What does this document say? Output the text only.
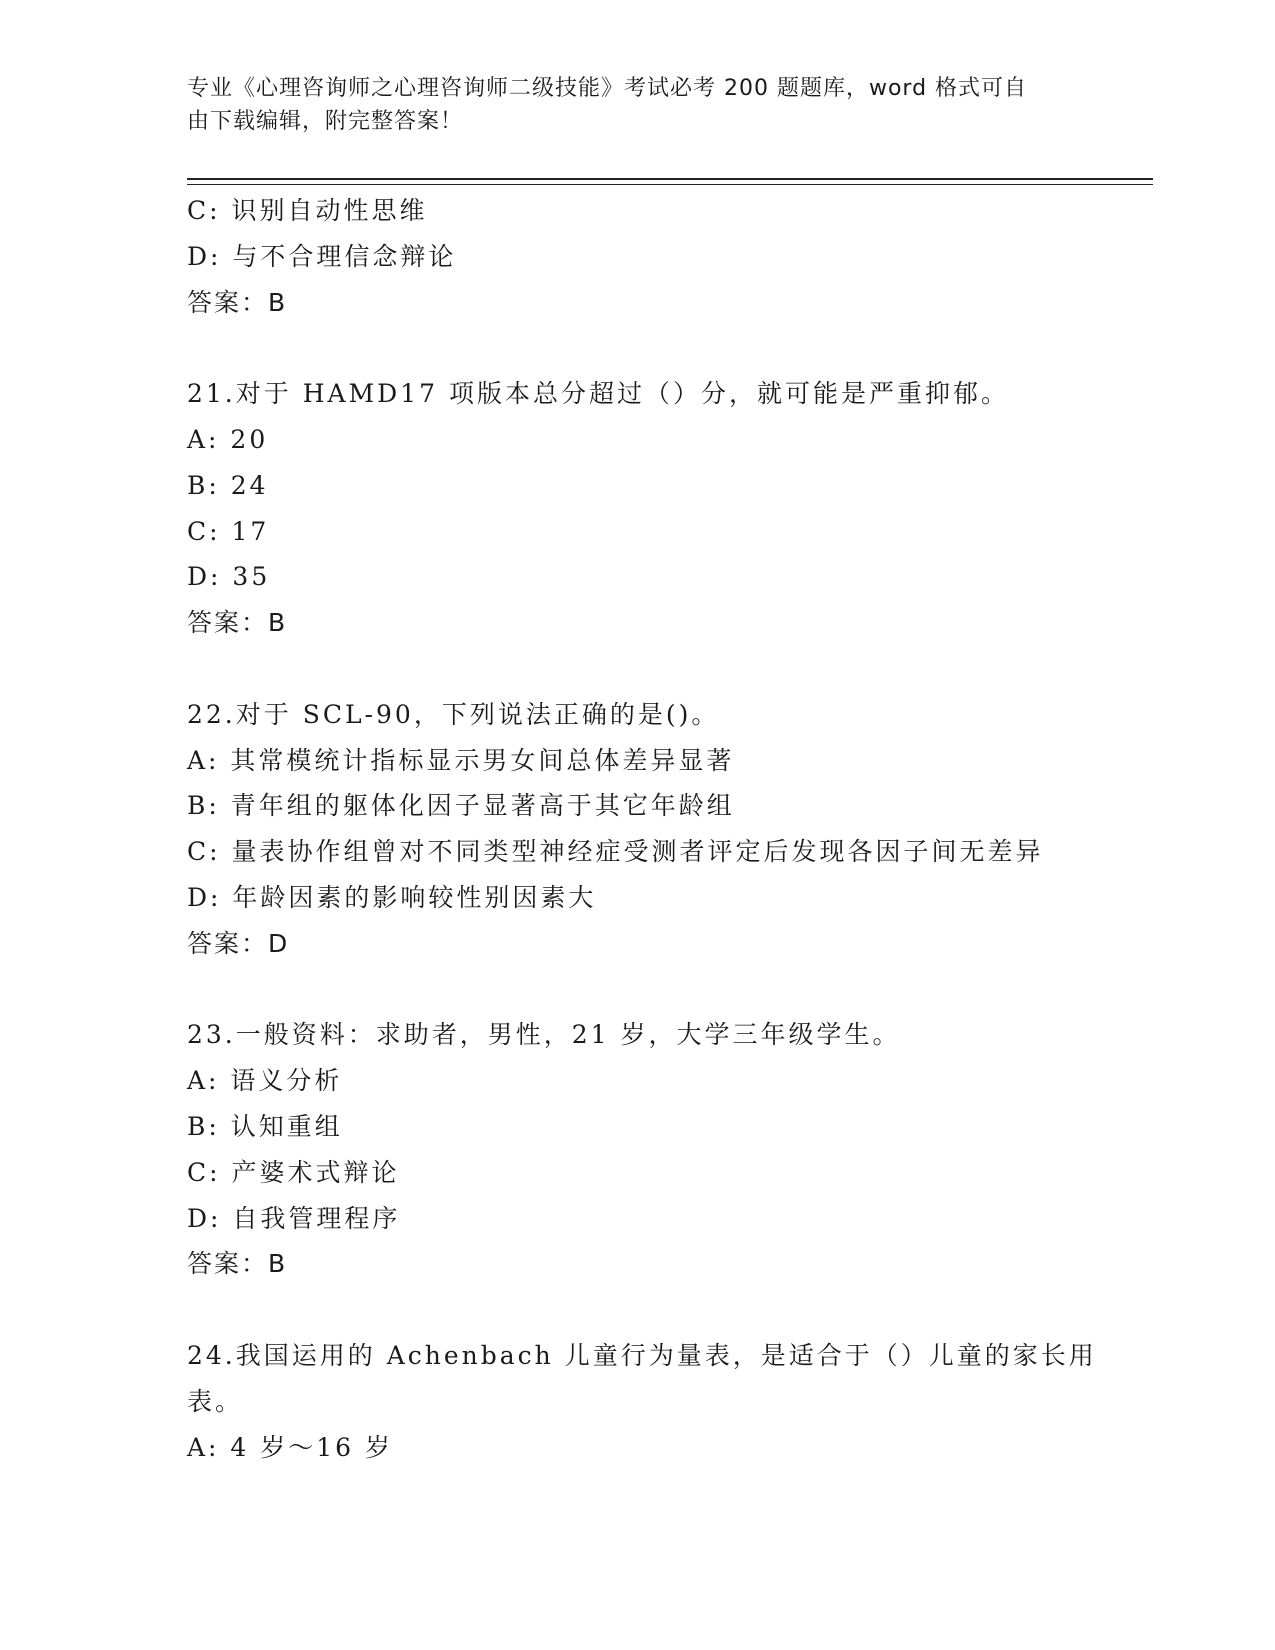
专业《心理咨询师之心理咨询师二级技能》考试必考 200 题题库，word 格式可自
由下载编辑，附完整答案！
C: 识别自动性思维
D: 与不合理信念辩论
答案：B
21.对于 HAMD17 项版本总分超过（）分，就可能是严重抑郁。
A: 20
B: 24
C: 17
D: 35
答案：B
22.对于 SCL-90，下列说法正确的是()。
A: 其常模统计指标显示男女间总体差异显著
B: 青年组的躯体化因子显著高于其它年龄组
C: 量表协作组曾对不同类型神经症受测者评定后发现各因子间无差异
D: 年龄因素的影响较性别因素大
答案：D
23.一般资料：求助者，男性，21 岁，大学三年级学生。
A: 语义分析
B: 认知重组
C: 产婆术式辩论
D: 自我管理程序
答案：B
24.我国运用的 Achenbach 儿童行为量表，是适合于（）儿童的家长用
表。
A: 4 岁～16 岁
